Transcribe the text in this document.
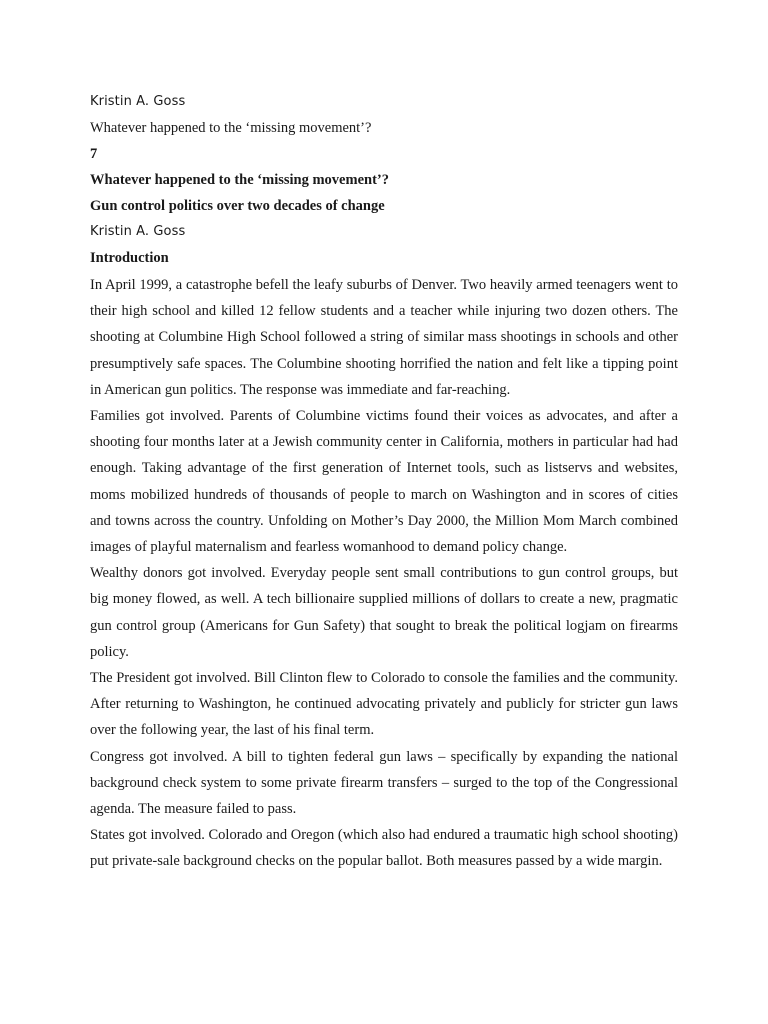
Kristin A. Goss

Whatever happened to the ‘missing movement’?

7

Whatever happened to the ‘missing movement’?

Gun control politics over two decades of change

Kristin A. Goss

Introduction

In April 1999, a catastrophe befell the leafy suburbs of Denver. Two heavily armed teenagers went to their high school and killed 12 fellow students and a teacher while injuring two dozen others. The shooting at Columbine High School followed a string of similar mass shootings in schools and other presumptively safe spaces. The Columbine shooting horrified the nation and felt like a tipping point in American gun politics. The response was immediate and far-reaching.

Families got involved. Parents of Columbine victims found their voices as advocates, and after a shooting four months later at a Jewish community center in California, mothers in particular had had enough. Taking advantage of the first generation of Internet tools, such as listservs and websites, moms mobilized hundreds of thousands of people to march on Washington and in scores of cities and towns across the country. Unfolding on Mother’s Day 2000, the Million Mom March combined images of playful maternalism and fearless womanhood to demand policy change.

Wealthy donors got involved. Everyday people sent small contributions to gun control groups, but big money flowed, as well. A tech billionaire supplied millions of dollars to create a new, pragmatic gun control group (Americans for Gun Safety) that sought to break the political logjam on firearms policy.

The President got involved. Bill Clinton flew to Colorado to console the families and the community. After returning to Washington, he continued advocating privately and publicly for stricter gun laws over the following year, the last of his final term.

Congress got involved. A bill to tighten federal gun laws – specifically by expanding the national background check system to some private firearm transfers – surged to the top of the Congressional agenda. The measure failed to pass.

States got involved. Colorado and Oregon (which also had endured a traumatic high school shooting) put private-sale background checks on the popular ballot. Both measures passed by a wide margin.
